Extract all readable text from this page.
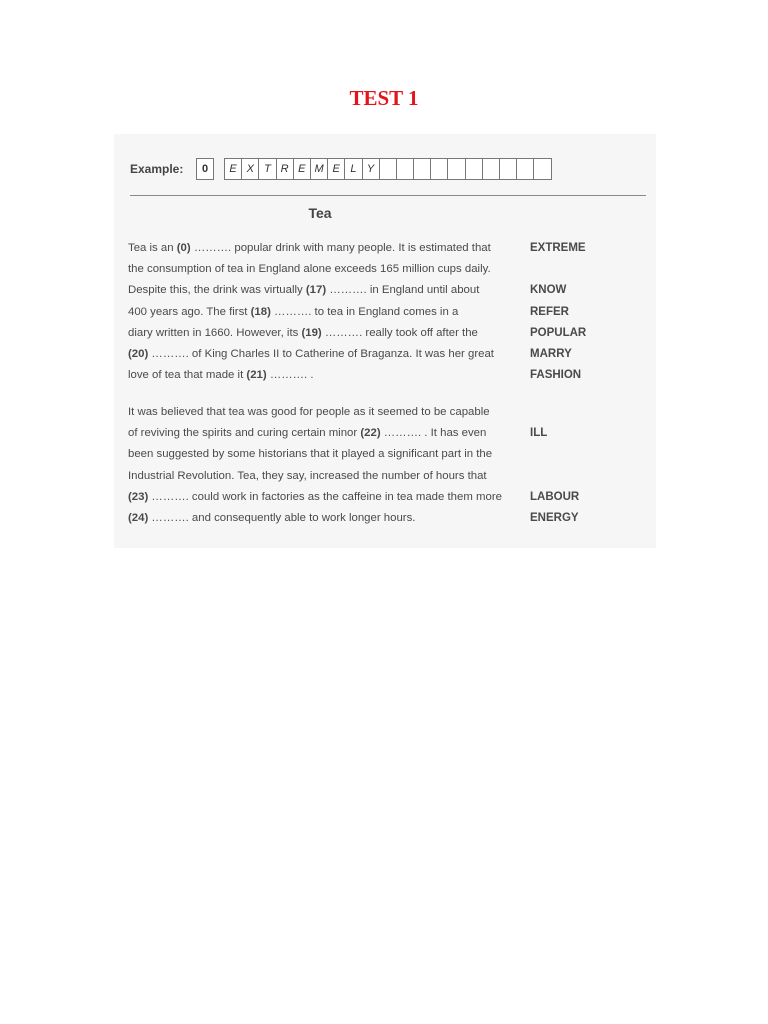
TEST 1
Example:	0	E X T R E M E L Y
Tea
Tea is an (0) ………. popular drink with many people. It is estimated that
the consumption of tea in England alone exceeds 165 million cups daily.
Despite this, the drink was virtually (17) ………. in England until about
400 years ago. The first (18) ………. to tea in England comes in a
diary written in 1660. However, its (19) ………. really took off after the
(20) ………. of King Charles II to Catherine of Braganza. It was her great
love of tea that made it (21) ………. .
EXTREME
KNOW
REFER
POPULAR
MARRY
FASHION
It was believed that tea was good for people as it seemed to be capable
of reviving the spirits and curing certain minor (22) ………. . It has even
been suggested by some historians that it played a significant part in the
Industrial Revolution. Tea, they say, increased the number of hours that
(23) ………. could work in factories as the caffeine in tea made them more
(24) ………. and consequently able to work longer hours.
ILL
LABOUR
ENERGY
